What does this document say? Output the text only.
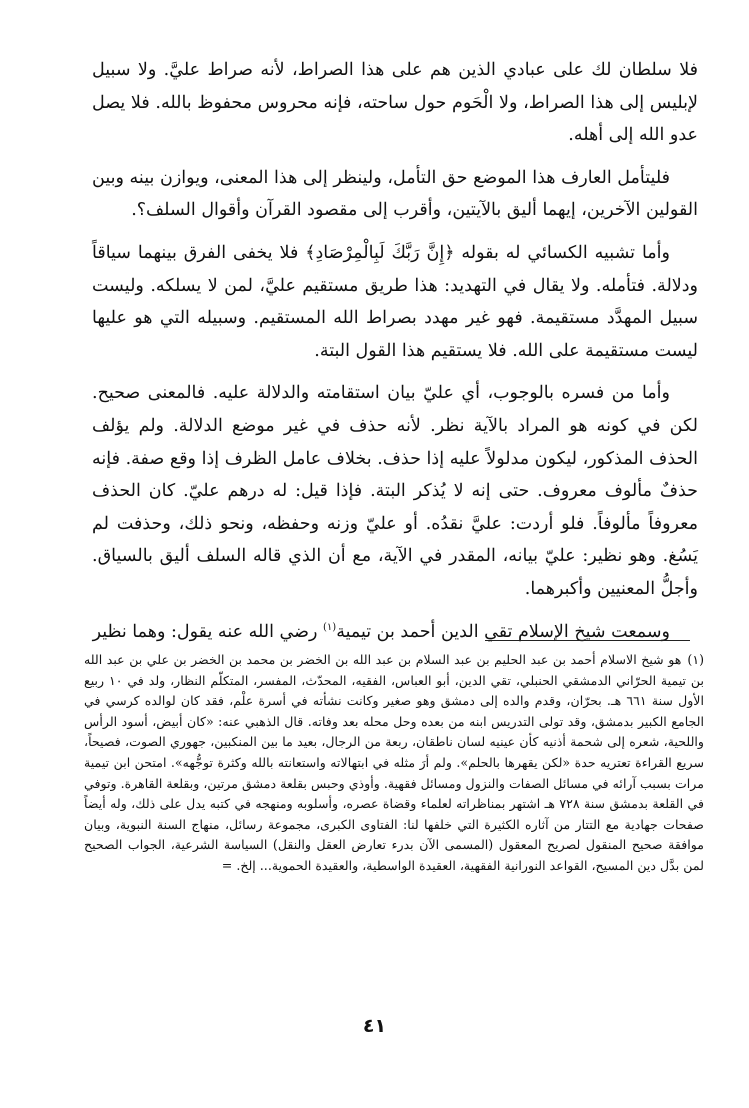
فلا سلطان لك على عبادي الذين هم على هذا الصراط، لأنه صراط عليَّ. ولا سبيل لإبليس إلى هذا الصراط، ولا الْحَوم حول ساحته، فإنه محروس محفوظ بالله. فلا يصل عدو الله إلى أهله.

فليتأمل العارف هذا الموضع حق التأمل، ولينظر إلى هذا المعنى، ويوازن بينه وبين القولين الآخرين، إيهما أليق بالآيتين، وأقرب إلى مقصود القرآن وأقوال السلف؟.

وأما تشبيه الكسائي له بقوله ﴿إِنَّ رَبَّكَ لَبِالْمِرْصَادِ﴾ فلا يخفى الفرق بينهما سياقاً ودلالة. فتأمله. ولا يقال في التهديد: هذا طريق مستقيم عليَّ، لمن لا يسلكه. وليست سبيل المهدَّد مستقيمة. فهو غير مهدد بصراط الله المستقيم. وسبيله التي هو عليها ليست مستقيمة على الله. فلا يستقيم هذا القول البتة.

وأما من فسره بالوجوب، أي عليّ بيان استقامته والدلالة عليه. فالمعنى صحيح. لكن في كونه هو المراد بالآية نظر. لأنه حذف في غير موضع الدلالة. ولم يؤلف الحذف المذكور، ليكون مدلولاً عليه إذا حذف. بخلاف عامل الظرف إذا وقع صفة. فإنه حذفٌ مألوف معروف. حتى إنه لا يُذكر البتة. فإذا قيل: له درهم عليّ. كان الحذف معروفاً مألوفاً. فلو أردت: عليَّ نقدُه. أو عليّ وزنه وحفظه، ونحو ذلك، وحذفت لم يَسُغ. وهو نظير: عليّ بيانه، المقدر في الآية، مع أن الذي قاله السلف أليق بالسياق. وأجلُّ المعنيين وأكبرهما.

وسمعت شيخ الإسلام تقي الدين أحمد بن تيمية$^{(١)}$ رضي الله عنه يقول: وهما نظير

(١)هو شيخ الاسلام أحمد بن عبد الحليم بن عبد السلام بن عبد الله بن الخضر بن محمد بن الخضر بن علي بن عبد الله بن تيمية الحرّاني الدمشقي الحنبلي، تقي الدين، أبو العباس، الفقيه، المحدّث، المفسر، المتكلّم النظار، ولد في ١٠ ربيع الأول سنة ٦٦١ هـ. بحرّان، وقدم والده إلى دمشق وهو صغير وكانت نشأته في أسرة علْم، فقد كان لوالده كرسي في الجامع الكبير بدمشق، وقد تولى التدريس ابنه من بعده وحل محله بعد وفاته. قال الذهبي عنه: «كان أبيض، أسود الرأس واللحية، شعره إلى شحمة أذنيه كأن عينيه لسان ناطقان، ربعة من الرجال، بعيد ما بين المنكبين، جهوري الصوت، فصيحاً، سريع القراءة تعتريه حدة «لكن يقهرها بالحلم». ولم أرَ مثله في ابتهالاته واستعانته بالله وكثرة توجُّهه». امتحن ابن تيمية مرات بسبب آرائه في مسائل الصفات والنزول ومسائل فقهية. وأوذي وحبس بقلعة دمشق مرتين، وبقلعة القاهرة. وتوفي في القلعة بدمشق سنة ٧٢٨ هـ اشتهر بمناظراته لعلماء وقضاة عصره، وأسلوبه ومنهجه في كتبه يدل على ذلك، وله أيضاً صفحات جهادية مع التتار من آثاره الكثيرة التي خلفها لنا: الفتاوى الكبرى، مجموعة رسائل، منهاج السنة النبوية، وبيان موافقة صحيح المنقول لصريح المعقول (المسمى الآن بدرء تعارض العقل والنقل) السياسة الشرعية، الجواب الصحيح لمن بدَّل دين المسيح، القواعد النورانية الفقهية، العقيدة الواسطية، والعقيدة الحموية... إلخ. =

٤١
